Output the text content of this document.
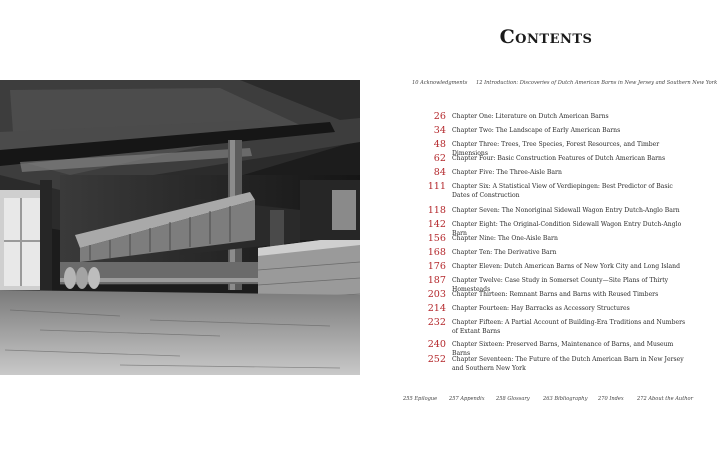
Contents
10 Acknowledgments 12 Introduction: Discoveries of Dutch American Barns in New Jersey and Southern New York
26 Chapter One: Literature on Dutch American Barns
34 Chapter Two: The Landscape of Early American Barns
48 Chapter Three: Trees, Tree Species, Forest Resources, and Timber Dimensions
62 Chapter Four: Basic Construction Features of Dutch American Barns
84 Chapter Five: The Three-Aisle Barn
111 Chapter Six: A Statistical View of Verdiepingen: Best Predictor of Basic Dates of Construction
118 Chapter Seven: The Nonoriginal Sidewall Wagon Entry Dutch-Anglo Barn
142 Chapter Eight: The Original-Condition Sidewall Wagon Entry Dutch-Anglo Barn
156 Chapter Nine: The One-Aisle Barn
168 Chapter Ten: The Derivative Barn
176 Chapter Eleven: Dutch American Barns of New York City and Long Island
187 Chapter Twelve: Case Study in Somerset County—Site Plans of Thirty Homesteads
203 Chapter Thirteen: Remnant Barns and Barns with Reused Timbers
214 Chapter Fourteen: Hay Barracks as Accessory Structures
232 Chapter Fifteen: A Partial Account of Building-Era Traditions and Numbers of Extant Barns
240 Chapter Sixteen: Preserved Barns, Maintenance of Barns, and Museum Barns
252 Chapter Seventeen: The Future of the Dutch American Barn in New Jersey and Southern New York
255 Epilogue 257 Appendix 258 Glossary	263 Bibliography 270 Index	272 About the Author
